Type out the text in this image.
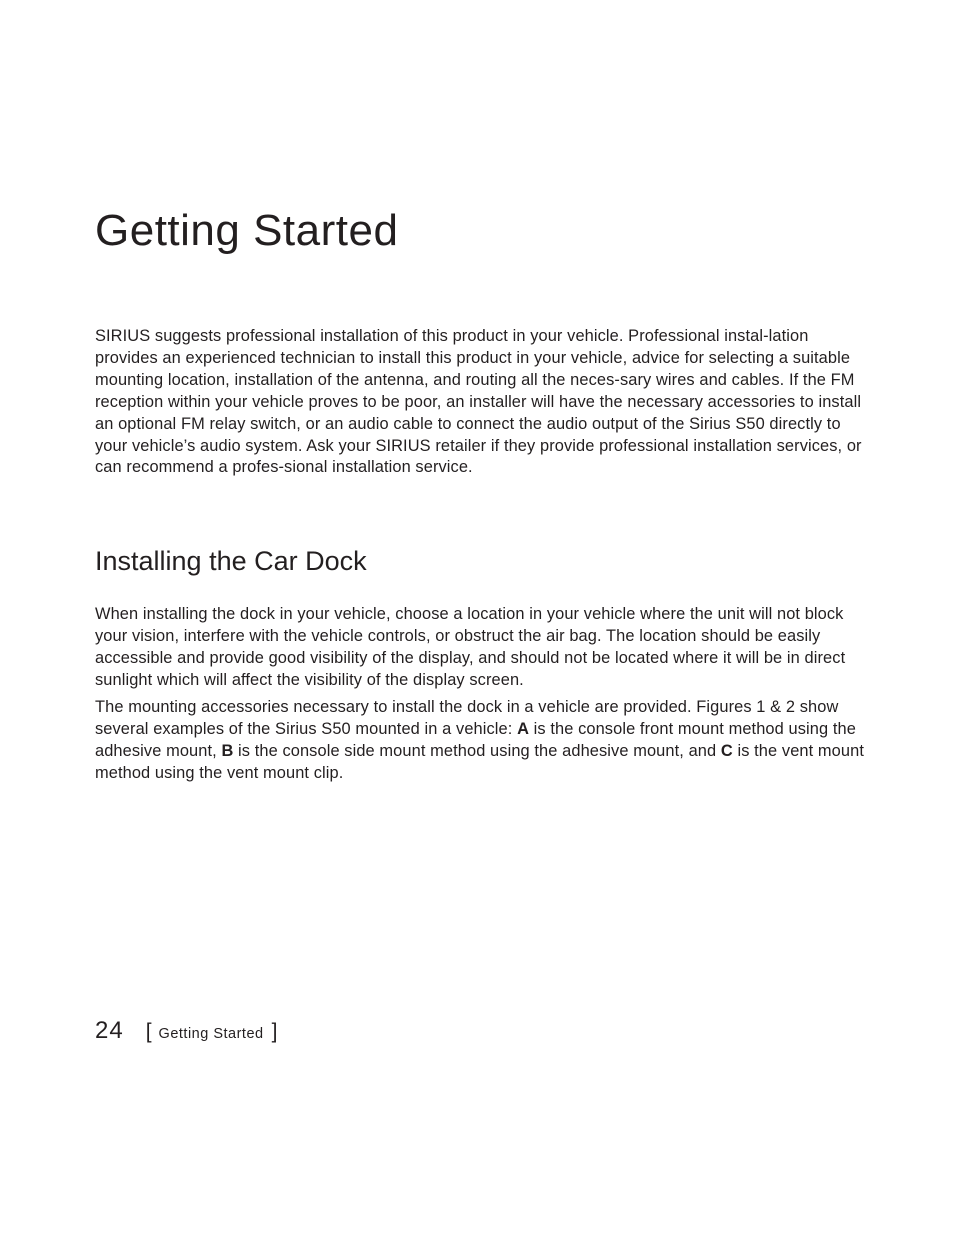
Getting Started

SIRIUS suggests professional installation of this product in your vehicle. Professional instal-lation provides an experienced technician to install this product in your vehicle, advice for selecting a suitable mounting location, installation of the antenna, and routing all the neces-sary wires and cables. If the FM reception within your vehicle proves to be poor, an installer will have the necessary accessories to install an optional FM relay switch, or an audio cable to connect the audio output of the Sirius S50 directly to your vehicle’s audio system. Ask your SIRIUS retailer if they provide professional installation services, or can recommend a profes-sional installation service.

Installing the Car Dock

When installing the dock in your vehicle, choose a location in your vehicle where the unit will not block your vision, interfere with the vehicle controls, or obstruct the air bag. The location should be easily accessible and provide good visibility of the display, and should not be located where it will be in direct sunlight which will affect the visibility of the display screen.

The mounting accessories necessary to install the dock in a vehicle are provided. Figures 1 & 2 show several examples of the Sirius S50 mounted in a vehicle: A is the console front mount method using the adhesive mount, B is the console side mount method using the adhesive mount, and C is the vent mount method using the vent mount clip.

24 [ Getting Started ]
